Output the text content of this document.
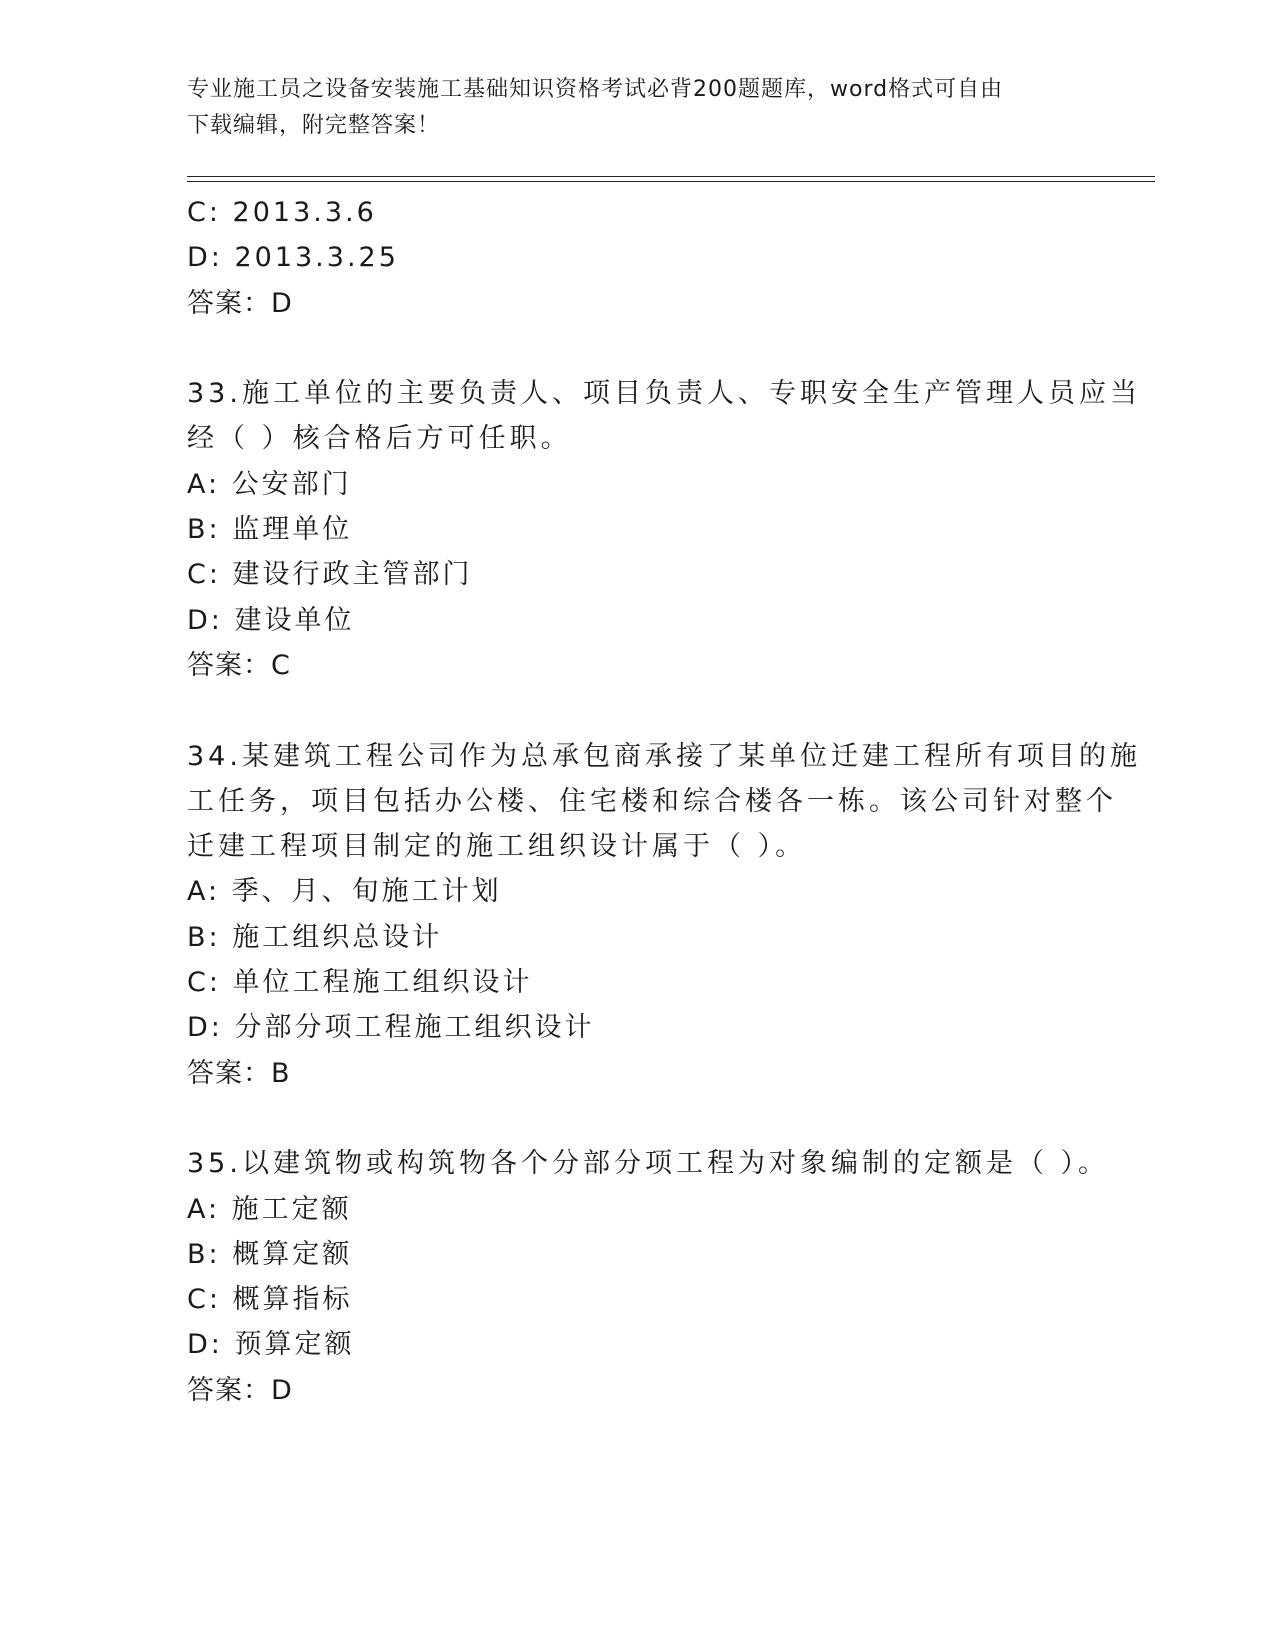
专业施工员之设备安装施工基础知识资格考试必背200题题库，word格式可自由
下载编辑，附完整答案！
C: 2013.3.6
D: 2013.3.25
答案：D
33.施工单位的主要负责人、项目负责人、专职安全生产管理人员应当
经（ ）核合格后方可任职。
A: 公安部门
B: 监理单位
C: 建设行政主管部门
D: 建设单位
答案：C
34.某建筑工程公司作为总承包商承接了某单位迁建工程所有项目的施
工任务，项目包括办公楼、住宅楼和综合楼各一栋。该公司针对整个
迁建工程项目制定的施工组织设计属于（ ）。
A: 季、月、旬施工计划
B: 施工组织总设计
C: 单位工程施工组织设计
D: 分部分项工程施工组织设计
答案：B
35.以建筑物或构筑物各个分部分项工程为对象编制的定额是（ ）。
A: 施工定额
B: 概算定额
C: 概算指标
D: 预算定额
答案：D
